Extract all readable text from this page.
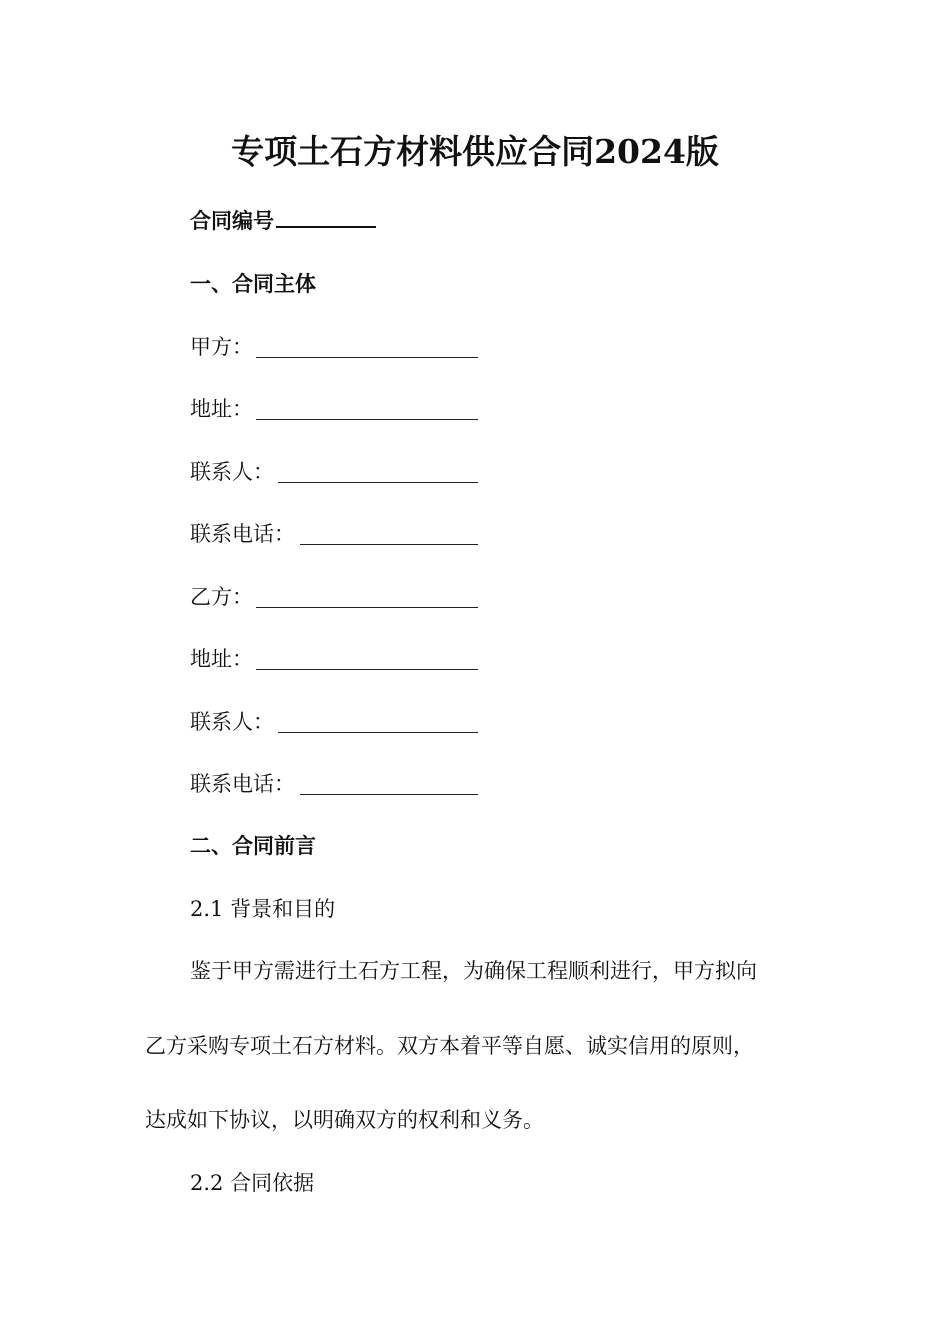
专项土石方材料供应合同2024版
合同编号
一、合同主体
甲方：
地址：
联系人：
联系电话：
乙方：
地址：
联系人：
联系电话：
二、合同前言
2.1 背景和目的
鉴于甲方需进行土石方工程，为确保工程顺利进行，甲方拟向
乙方采购专项土石方材料。双方本着平等自愿、诚实信用的原则，
达成如下协议，以明确双方的权利和义务。
2.2 合同依据
